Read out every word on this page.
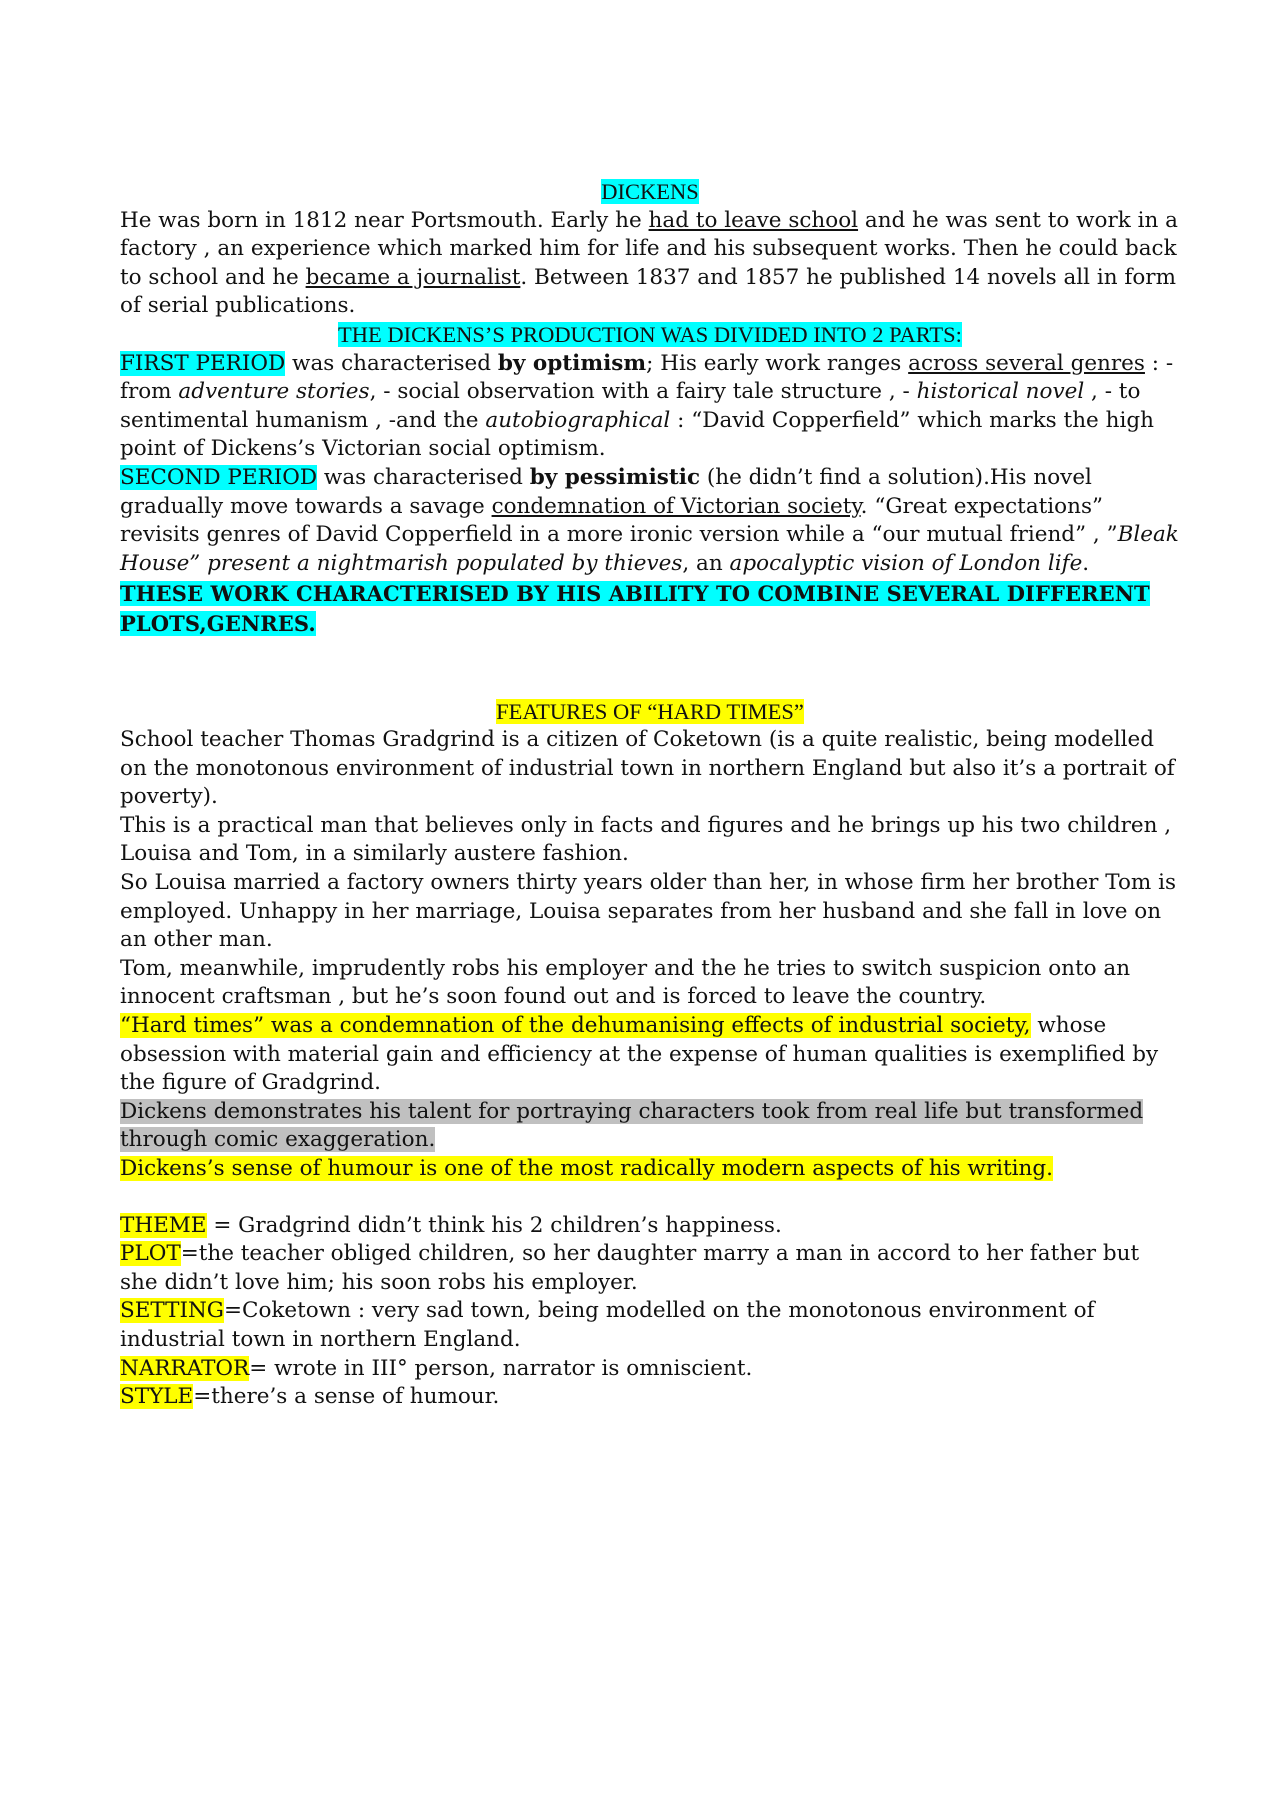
DICKENS

He was born in 1812 near Portsmouth. Early he had to leave school and he was sent to work in a factory , an experience which marked him for life and his subsequent works. Then he could back to school and he became a journalist. Between 1837 and 1857 he published 14 novels all in form of serial publications.

THE DICKENS’S PRODUCTION WAS DIVIDED INTO 2 PARTS:

FIRST PERIOD was characterised by optimism; His early work ranges across several genres : -from adventure stories, - social observation with a fairy tale structure , - historical novel , - to sentimental humanism , -and the autobiographical : “David Copperfield” which marks the high point of Dickens’s Victorian social optimism.

SECOND PERIOD was characterised by pessimistic (he didn’t find a solution).His novel gradually move towards a savage condemnation of Victorian society. “Great expectations” revisits genres of David Copperfield in a more ironic version while a “our mutual friend” , ”Bleak House” present a nightmarish populated by thieves, an apocalyptic vision of London life.

THESE WORK CHARACTERISED BY HIS ABILITY TO COMBINE SEVERAL DIFFERENT PLOTS,GENRES.

FEATURES OF “HARD TIMES”

School teacher Thomas Gradgrind is a citizen of Coketown (is a quite realistic, being modelled on the monotonous environment of industrial town in northern England but also it’s a portrait of poverty).

This is a practical man that believes only in facts and figures and he brings up his two children , Louisa and Tom, in a similarly austere fashion.

So Louisa married a factory owners thirty years older than her, in whose firm her brother Tom is employed. Unhappy in her marriage, Louisa separates from her husband and she fall in love on an other man.

Tom, meanwhile, imprudently robs his employer and the he tries to switch suspicion onto an innocent craftsman , but he’s soon found out and is forced to leave the country.

“Hard times” was a condemnation of the dehumanising effects of industrial society, whose obsession with material gain and efficiency at the expense of human qualities is exemplified by the figure of Gradgrind.

Dickens demonstrates his talent for portraying characters took from real life but transformed through comic exaggeration.

Dickens’s sense of humour is one of the most radically modern aspects of his writing.

THEME = Gradgrind didn’t think his 2 children’s happiness.

PLOT=the teacher obliged children, so her daughter marry a man in accord to her father but she didn’t love him; his soon robs his employer.

SETTING=Coketown : very sad town, being modelled on the monotonous environment of industrial town in northern England.

NARRATOR= wrote in III° person, narrator is omniscient.

STYLE=there’s a sense of humour.
